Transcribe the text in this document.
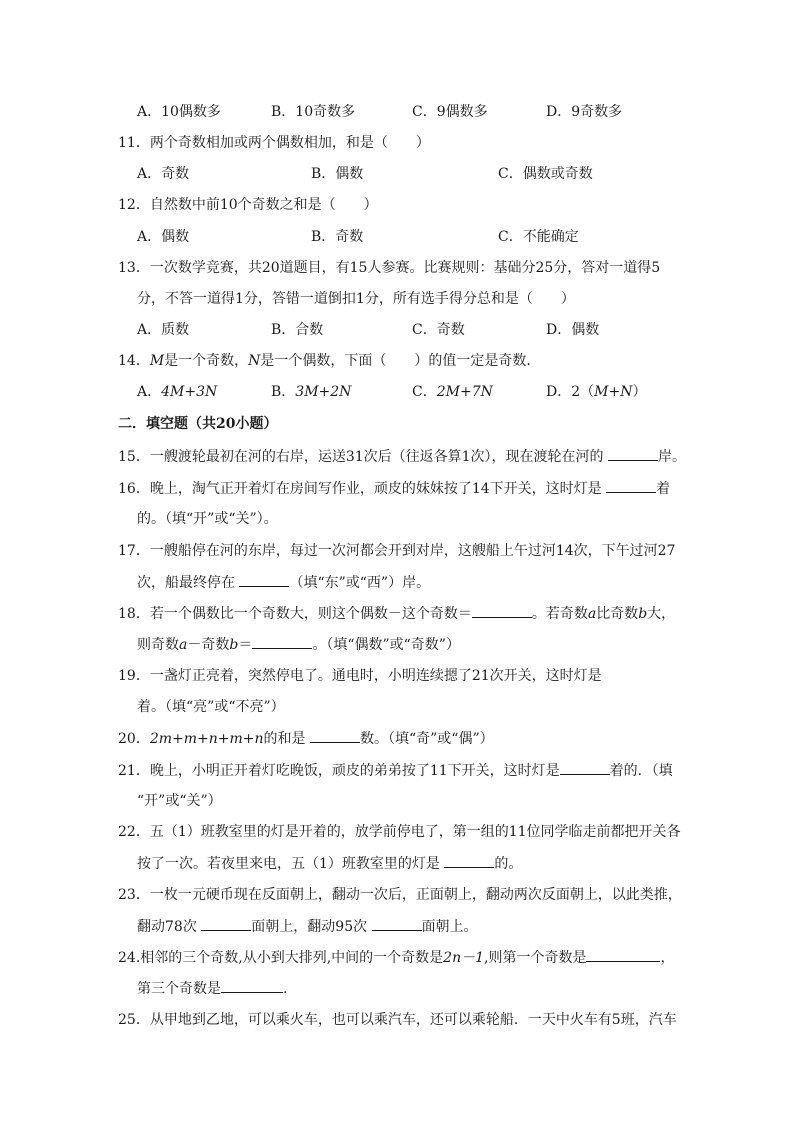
A．10偶数多	B．10奇数多	C．9偶数多	D．9奇数多
11．两个奇数相加或两个偶数相加，和是（　　）
A．奇数	B．偶数	C．偶数或奇数
12．自然数中前10个奇数之和是（　　）
A．偶数	B．奇数	C．不能确定
13．一次数学竞赛，共20道题目，有15人参赛。比赛规则：基础分25分，答对一道得5
分，不答一道得1分，答错一道倒扣1分，所有选手得分总和是（　　）
A．质数	B．合数	C．奇数	D．偶数
14．M是一个奇数，N是一个偶数，下面（　　）的值一定是奇数．
A．4M+3N	B．3M+2N	C．2M+7N	D．2（M+N）
二．填空题（共20小题）
15．一艘渡轮最初在河的右岸，运送31次后（往返各算1次），现在渡轮在河的	岸。
16．晚上，淘气正开着灯在房间写作业，顽皮的妹妹按了14下开关，这时灯是	着
的。（填“开”或“关”）。
17．一艘船停在河的东岸，每过一次河都会开到对岸，这艘船上午过河14次，下午过河27
次，船最终停在	（填“东”或“西”）岸。
18．若一个偶数比一个奇数大，则这个偶数－这个奇数＝	。若奇数a比奇数b大，
则奇数a－奇数b＝	。（填“偶数”或“奇数”）
19．一盏灯正亮着，突然停电了。通电时，小明连续摁了21次开关，这时灯是
着。（填“亮”或“不亮”）
20．2m+m+n+m+n的和是	数。（填“奇”或“偶”）
21．晚上，小明正开着灯吃晚饭，顽皮的弟弟按了11下开关，这时灯是	着的．（填
“开”或“关”）
22．五（1）班教室里的灯是开着的，放学前停电了，第一组的11位同学临走前都把开关各
按了一次。若夜里来电，五（1）班教室里的灯是	的。
23．一枚一元硬币现在反面朝上，翻动一次后，正面朝上，翻动两次反面朝上，以此类推，
翻动78次	面朝上，翻动95次	面朝上。
24.相邻的三个奇数,从小到大排列,中间的一个奇数是2n－1,则第一个奇数是	，
第三个奇数是	.
25．从甲地到乙地，可以乘火车，也可以乘汽车，还可以乘轮船．一天中火车有5班，汽车
